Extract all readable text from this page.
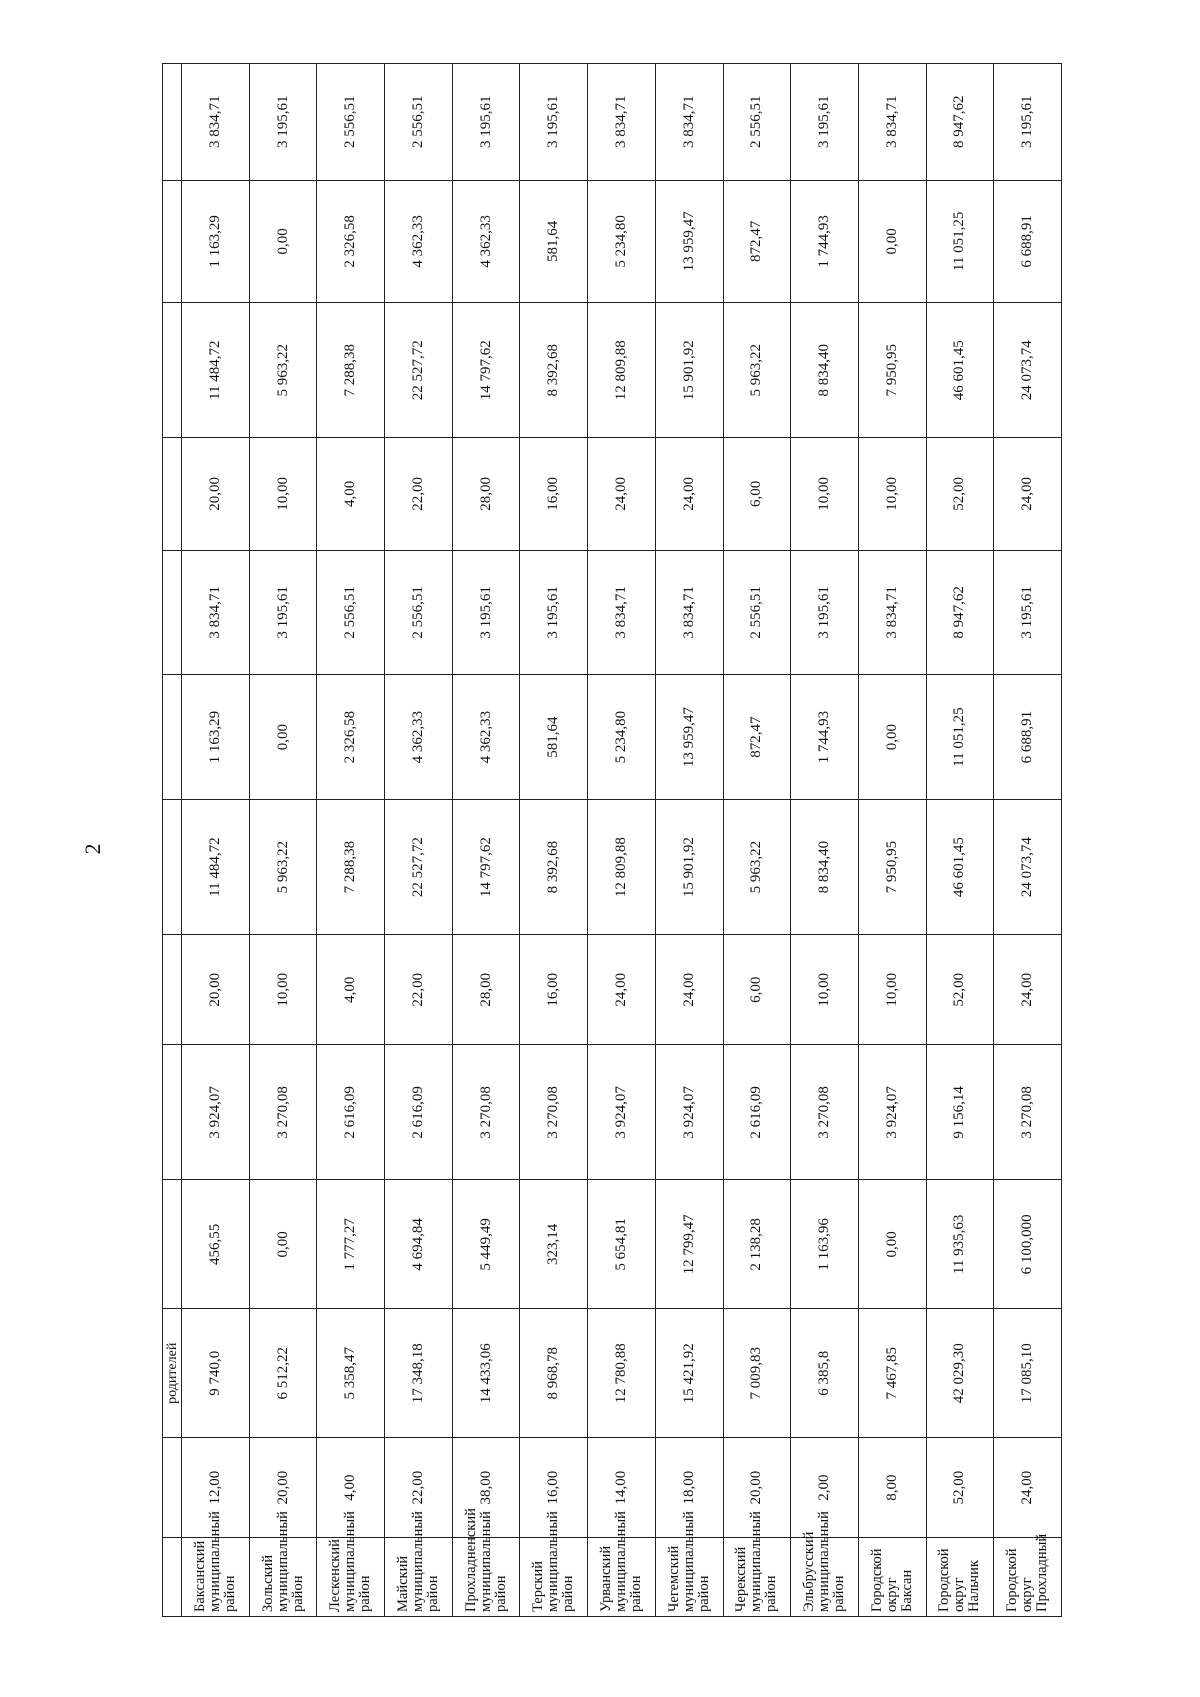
2
		родителей										
Баксанский муниципальный район	12,00	9 740,0	456,55	3 924,07	20,00	11 484,72	1 163,29	3 834,71	20,00	11 484,72	1 163,29	3 834,71
Зольский муниципальный район	20,00	6 512,22	0,00	3 270,08	10,00	5 963,22	0,00	3 195,61	10,00	5 963,22	0,00	3 195,61
Лескенский муниципальный район	4,00	5 358,47	1 777,27	2 616,09	4,00	7 288,38	2 326,58	2 556,51	4,00	7 288,38	2 326,58	2 556,51
Майский муниципальный район	22,00	17 348,18	4 694,84	2 616,09	22,00	22 527,72	4 362,33	2 556,51	22,00	22 527,72	4 362,33	2 556,51
Прохладненский муниципальный район	38,00	14 433,06	5 449,49	3 270,08	28,00	14 797,62	4 362,33	3 195,61	28,00	14 797,62	4 362,33	3 195,61
Терский муниципальный район	16,00	8 968,78	323,14	3 270,08	16,00	8 392,68	581,64	3 195,61	16,00	8 392,68	581,64	3 195,61
Урванский муниципальный район	14,00	12 780,88	5 654,81	3 924,07	24,00	12 809,88	5 234,80	3 834,71	24,00	12 809,88	5 234,80	3 834,71
Чегемский муниципальный район	18,00	15 421,92	12 799,47	3 924,07	24,00	15 901,92	13 959,47	3 834,71	24,00	15 901,92	13 959,47	3 834,71
Черекский муниципальный район	20,00	7 009,83	2 138,28	2 616,09	6,00	5 963,22	872,47	2 556,51	6,00	5 963,22	872,47	2 556,51
Эльбрусский муниципальный район	2,00	6 385,8	1 163,96	3 270,08	10,00	8 834,40	1 744,93	3 195,61	10,00	8 834,40	1 744,93	3 195,61
Городской округ Баксан	8,00	7 467,85	0,00	3 924,07	10,00	7 950,95	0,00	3 834,71	10,00	7 950,95	0,00	3 834,71
Городской округ Нальчик	52,00	42 029,30	11 935,63	9 156,14	52,00	46 601,45	11 051,25	8 947,62	52,00	46 601,45	11 051,25	8 947,62
Городской округ Прохладный	24,00	17 085,10	6 100,000	3 270,08	24,00	24 073,74	6 688,91	3 195,61	24,00	24 073,74	6 688,91	3 195,61
